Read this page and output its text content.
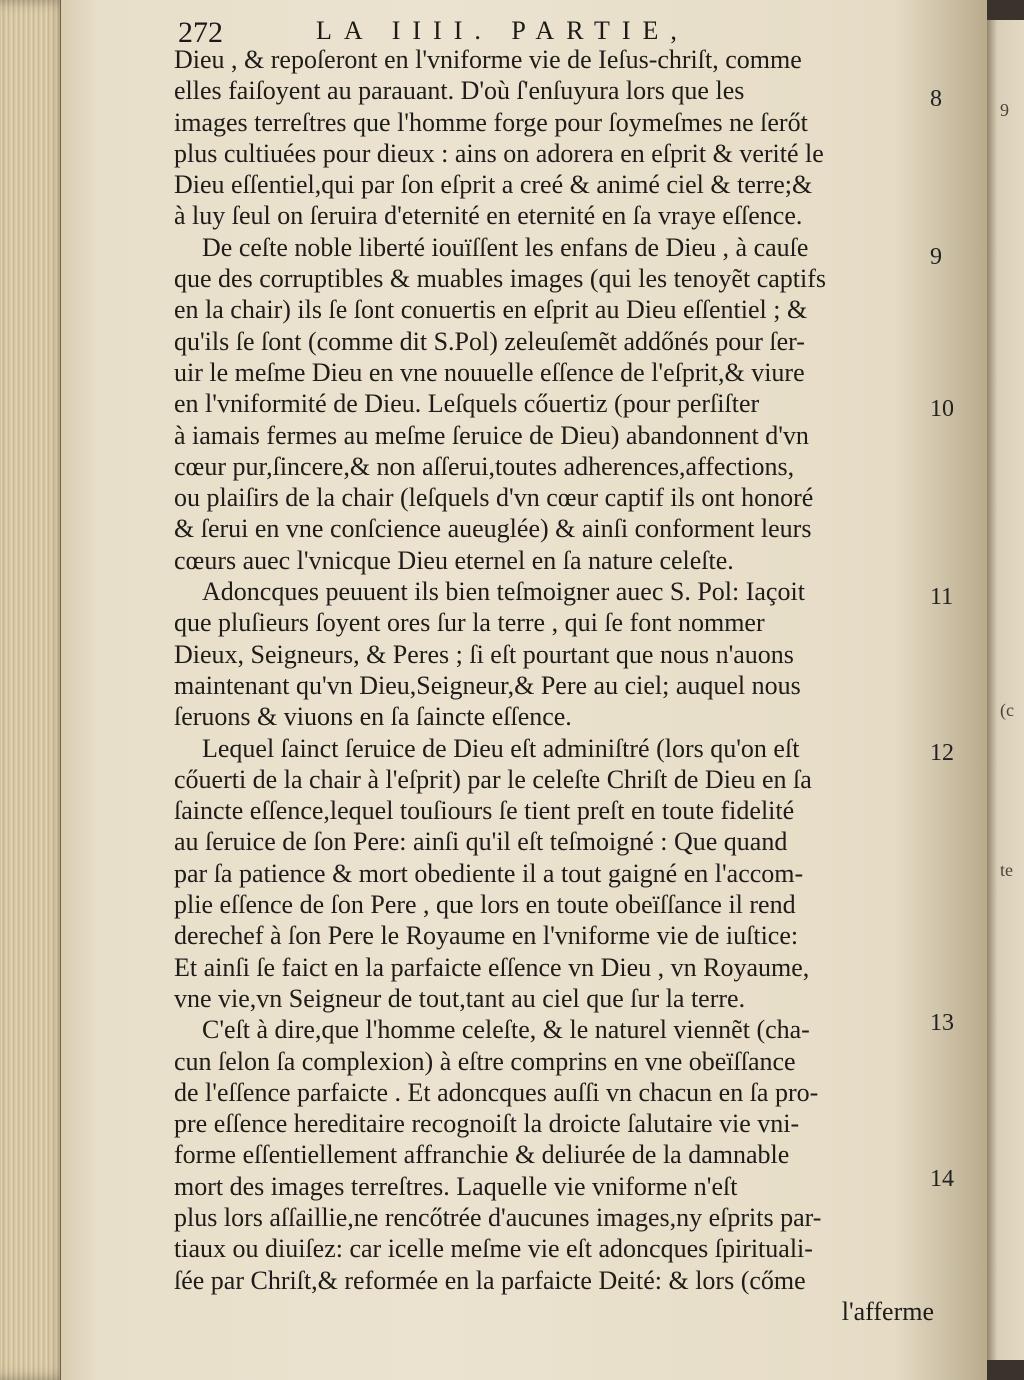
9
(c
te
272	LA IIII. PARTIE,
Dieu , & repoſeront en l'vniforme vie de Ieſus-chriſt, comme
elles faiſoyent au parauant. D'où ſ'enſuyura lors que les
images terreſtres que l'homme forge pour ſoymeſmes ne ſerőt
plus cultiuées pour dieux : ains on adorera en eſprit & verité le
Dieu eſſentiel,qui par ſon eſprit a creé & animé ciel & terre;&
à luy ſeul on ſeruira d'eternité en eternité en ſa vraye eſſence.
De ceſte noble liberté iouïſſent les enfans de Dieu , à cauſe
que des corruptibles & muables images (qui les tenoyẽt captifs
en la chair) ils ſe ſont conuertis en eſprit au Dieu eſſentiel ; &
qu'ils ſe ſont (comme dit S.Pol) zeleuſemẽt addőnés pour ſer-
uir le meſme Dieu en vne nouuelle eſſence de l'eſprit,& viure
en l'vniformité de Dieu. Leſquels cőuertiz (pour perſiſter
à iamais fermes au meſme ſeruice de Dieu) abandonnent d'vn
cœur pur,ſincere,& non aſſerui,toutes adherences,affections,
ou plaiſirs de la chair (leſquels d'vn cœur captif ils ont honoré
& ſerui en vne conſcience aueuglée) & ainſi conforment leurs
cœurs auec l'vnicque Dieu eternel en ſa nature celeſte.
Adoncques peuuent ils bien teſmoigner auec S. Pol: Iaçoit
que pluſieurs ſoyent ores ſur la terre , qui ſe font nommer
Dieux, Seigneurs, & Peres ; ſi eſt pourtant que nous n'auons
maintenant qu'vn Dieu,Seigneur,& Pere au ciel; auquel nous
ſeruons & viuons en ſa ſaincte eſſence.
Lequel ſainct ſeruice de Dieu eſt adminiſtré (lors qu'on eſt
cőuerti de la chair à l'eſprit) par le celeſte Chriſt de Dieu en ſa
ſaincte eſſence,lequel touſiours ſe tient preſt en toute fidelité
au ſeruice de ſon Pere: ainſi qu'il eſt teſmoigné : Que quand
par ſa patience & mort obediente il a tout gaigné en l'accom-
plie eſſence de ſon Pere , que lors en toute obeïſſance il rend
derechef à ſon Pere le Royaume en l'vniforme vie de iuſtice:
Et ainſi ſe faict en la parfaicte eſſence vn Dieu , vn Royaume,
vne vie,vn Seigneur de tout,tant au ciel que ſur la terre.
C'eſt à dire,que l'homme celeſte, & le naturel viennẽt (cha-
cun ſelon ſa complexion) à eſtre comprins en vne obeïſſance
de l'eſſence parfaicte . Et adoncques auſſi vn chacun en ſa pro-
pre eſſence hereditaire recognoiſt la droicte ſalutaire vie vni-
forme eſſentiellement affranchie & deliurée de la damnable
mort des images terreſtres. Laquelle vie vniforme n'eſt
plus lors aſſaillie,ne rencőtrée d'aucunes images,ny eſprits par-
tiaux ou diuiſez: car icelle meſme vie eſt adoncques ſpirituali-
ſée par Chriſt,& reformée en la parfaicte Deité: & lors (cőme
l'afferme
8
9
10
11
12
13
14
